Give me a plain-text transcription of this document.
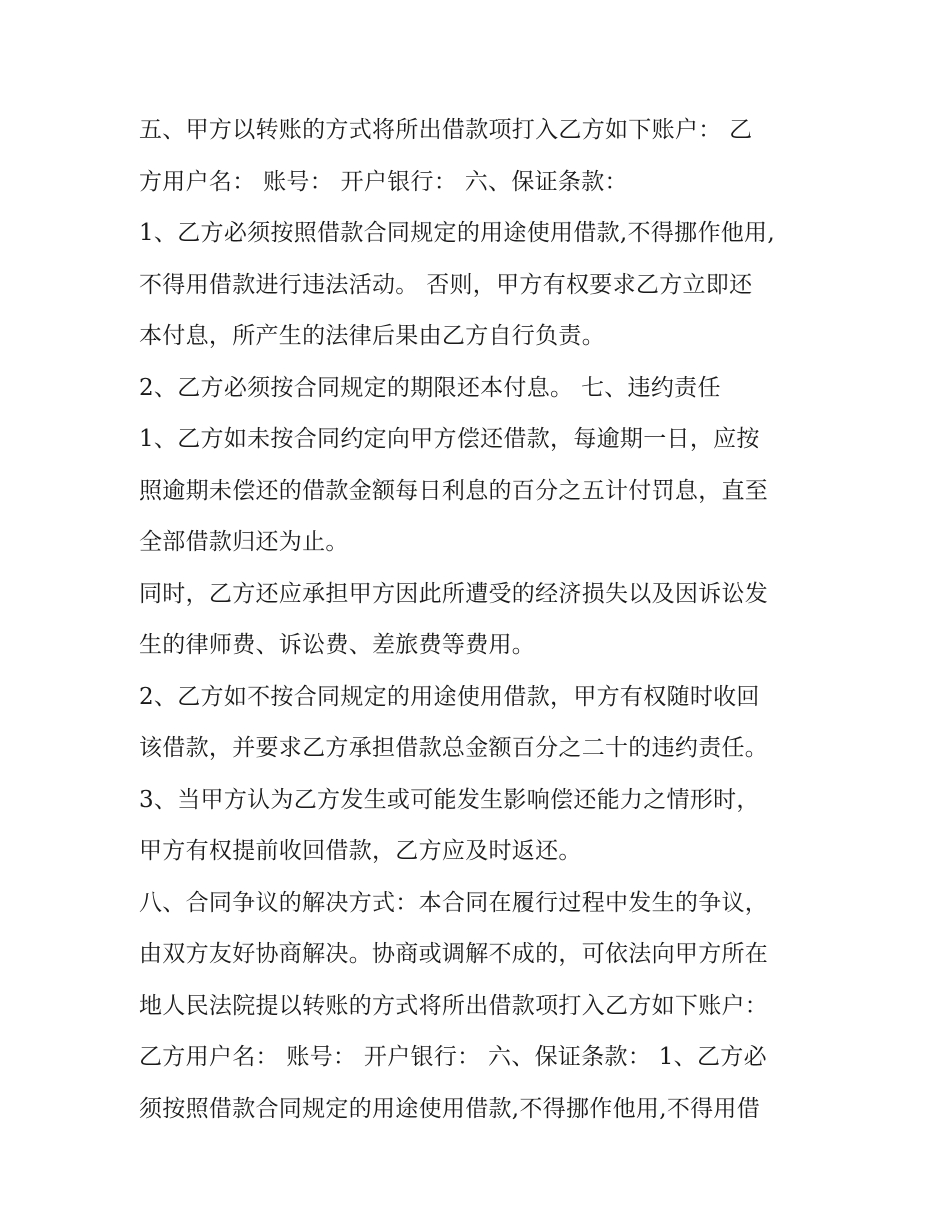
五、甲方以转账的方式将所出借款项打入乙方如下账户： 乙
方用户名： 账号： 开户银行： 六、保证条款：
1、乙方必须按照借款合同规定的用途使用借款,不得挪作他用,
不得用借款进行违法活动。 否则，甲方有权要求乙方立即还
本付息，所产生的法律后果由乙方自行负责。
2、乙方必须按合同规定的期限还本付息。 七、违约责任
1、乙方如未按合同约定向甲方偿还借款，每逾期一日，应按
照逾期未偿还的借款金额每日利息的百分之五计付罚息，直至
全部借款归还为止。
同时，乙方还应承担甲方因此所遭受的经济损失以及因诉讼发
生的律师费、诉讼费、差旅费等费用。
2、乙方如不按合同规定的用途使用借款，甲方有权随时收回
该借款，并要求乙方承担借款总金额百分之二十的违约责任。
3、当甲方认为乙方发生或可能发生影响偿还能力之情形时，
甲方有权提前收回借款，乙方应及时返还。
八、合同争议的解决方式：本合同在履行过程中发生的争议，
由双方友好协商解决。协商或调解不成的，可依法向甲方所在
地人民法院提以转账的方式将所出借款项打入乙方如下账户：
乙方用户名： 账号： 开户银行： 六、保证条款： 1、乙方必
须按照借款合同规定的用途使用借款,不得挪作他用,不得用借
